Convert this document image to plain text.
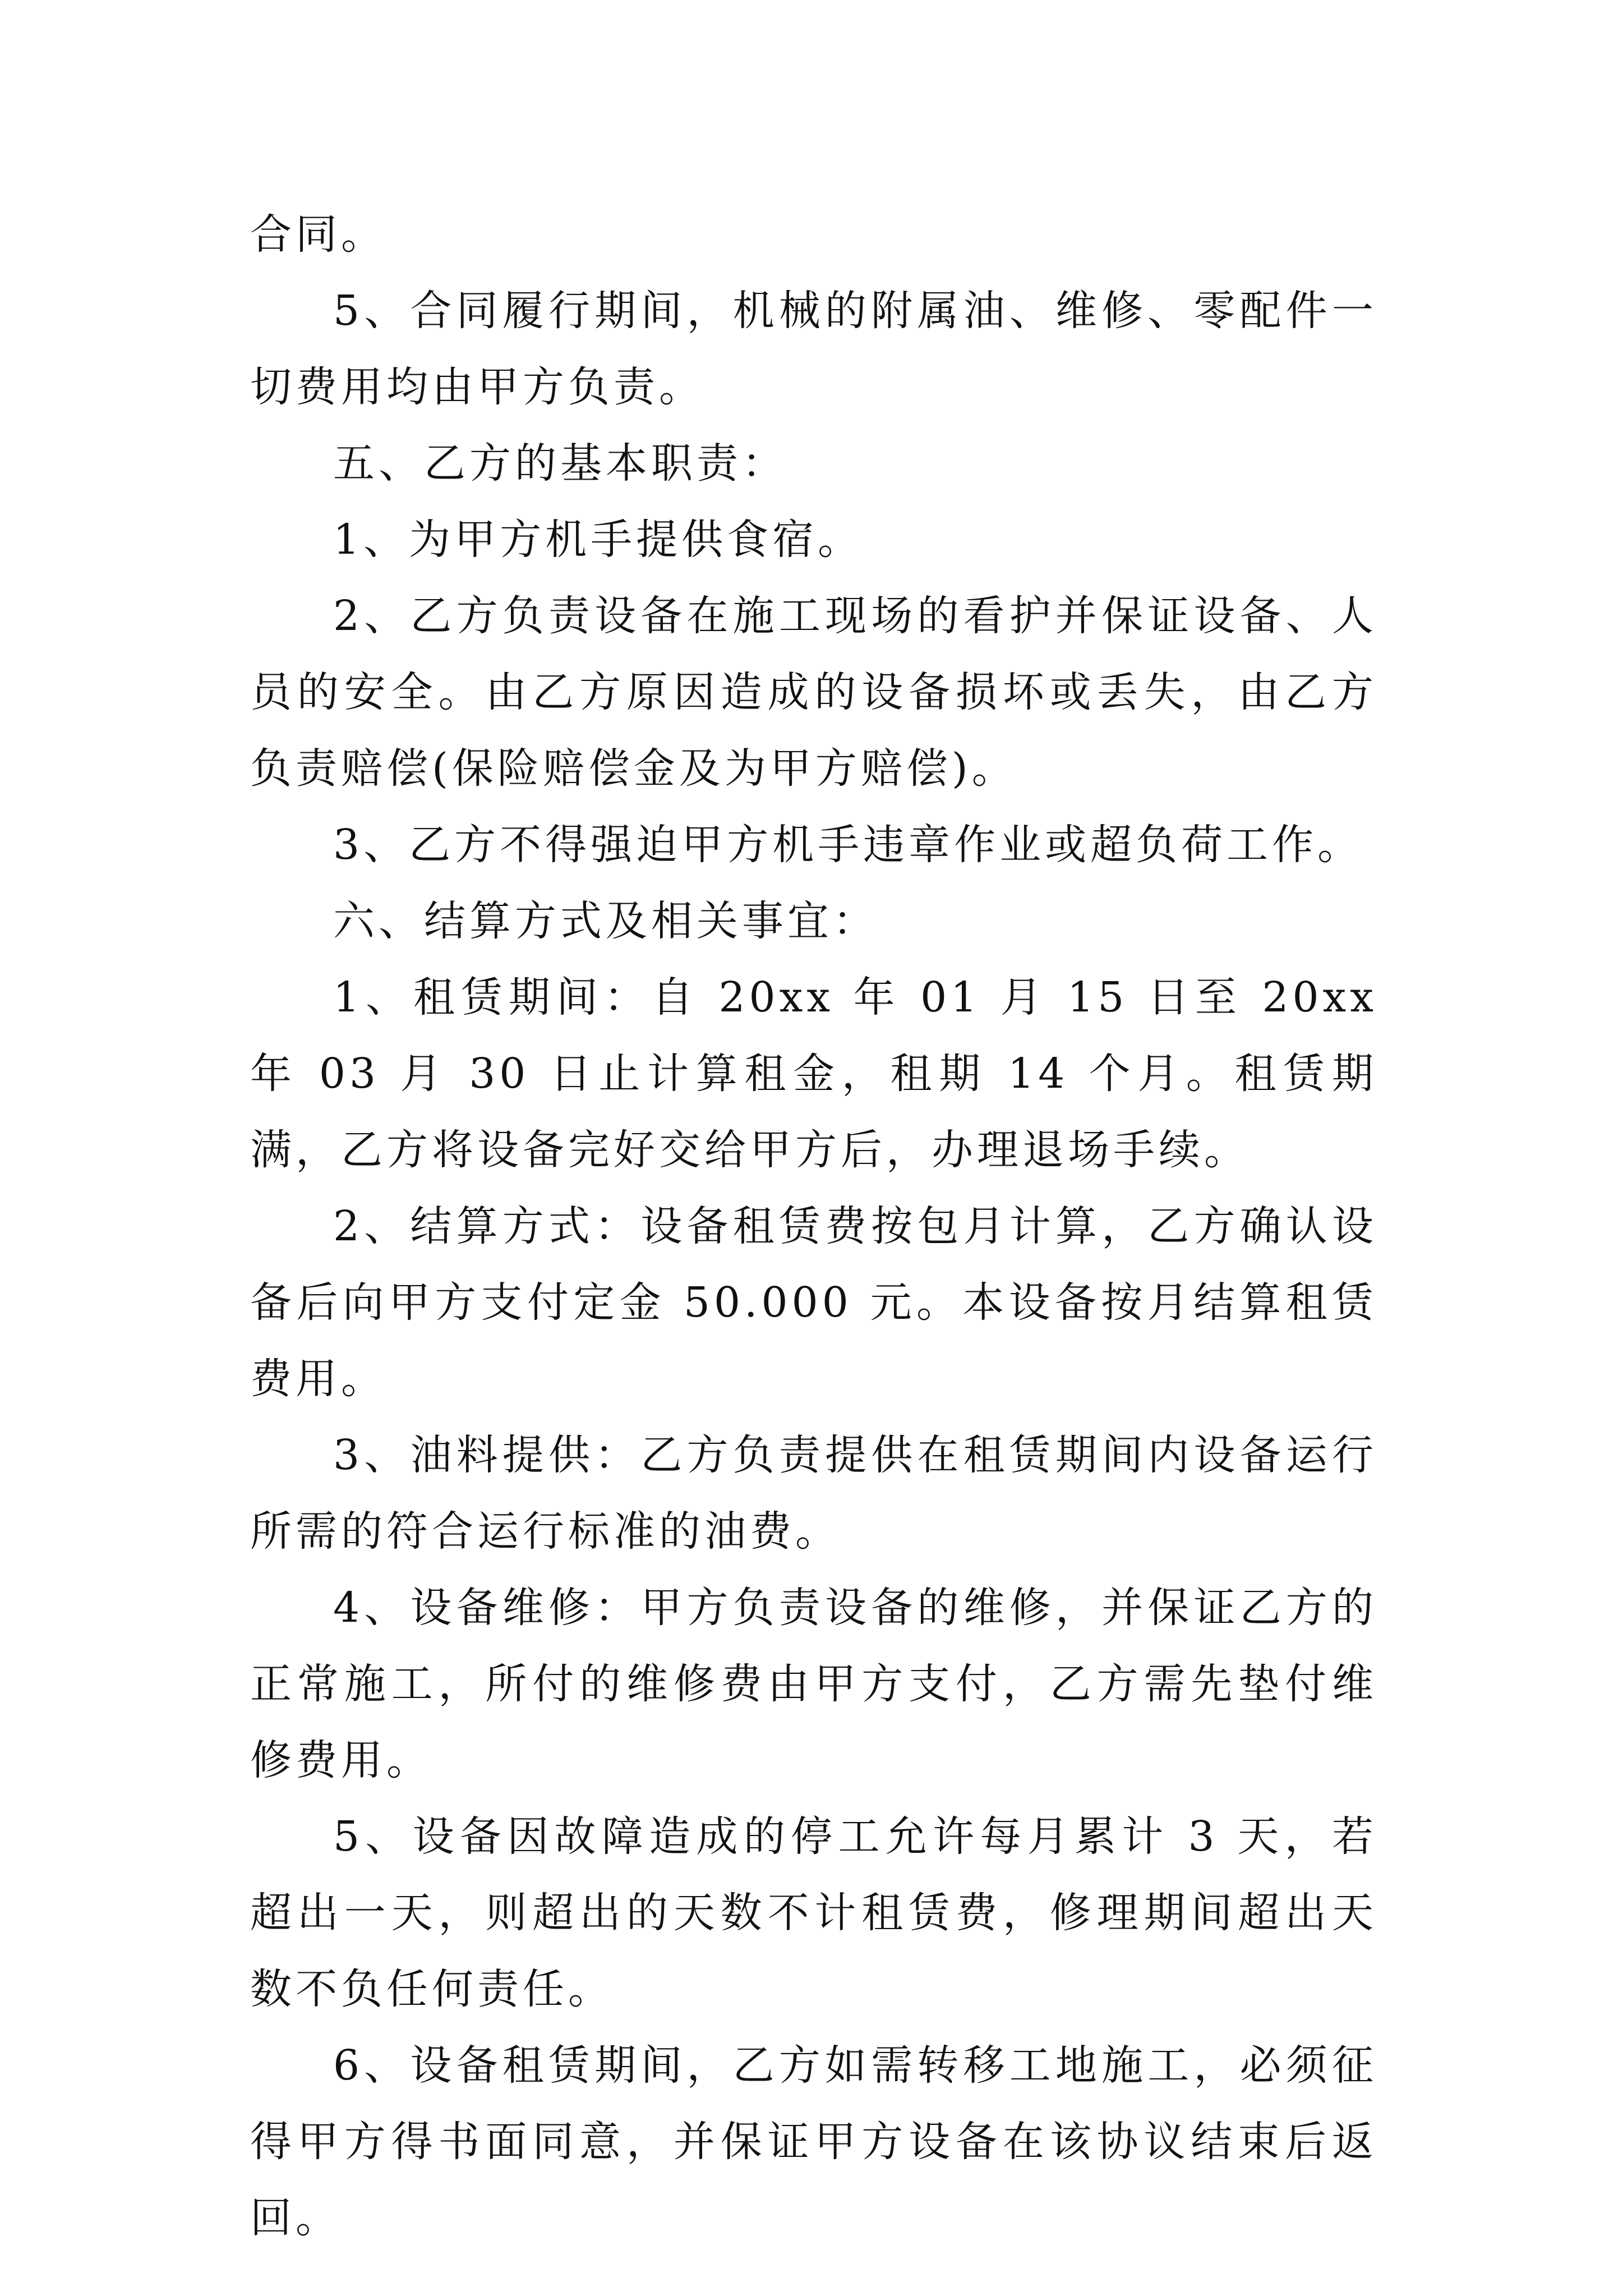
合同。

5、合同履行期间，机械的附属油、维修、零配件一切费用均由甲方负责。

五、乙方的基本职责：

1、为甲方机手提供食宿。

2、乙方负责设备在施工现场的看护并保证设备、人员的安全。由乙方原因造成的设备损坏或丢失，由乙方负责赔偿(保险赔偿金及为甲方赔偿)。

3、乙方不得强迫甲方机手违章作业或超负荷工作。

六、结算方式及相关事宜：

1、租赁期间：自 20xx 年 01 月 15 日至 20xx 年 03 月 30 日止计算租金，租期 14 个月。租赁期满，乙方将设备完好交给甲方后，办理退场手续。

2、结算方式：设备租赁费按包月计算，乙方确认设备后向甲方支付定金 50.000 元。本设备按月结算租赁费用。

3、油料提供：乙方负责提供在租赁期间内设备运行所需的符合运行标准的油费。

4、设备维修：甲方负责设备的维修，并保证乙方的正常施工，所付的维修费由甲方支付，乙方需先垫付维修费用。

5、设备因故障造成的停工允许每月累计 3 天，若超出一天，则超出的天数不计租赁费，修理期间超出天数不负任何责任。

6、设备租赁期间，乙方如需转移工地施工，必须征得甲方得书面同意，并保证甲方设备在该协议结束后返回。
